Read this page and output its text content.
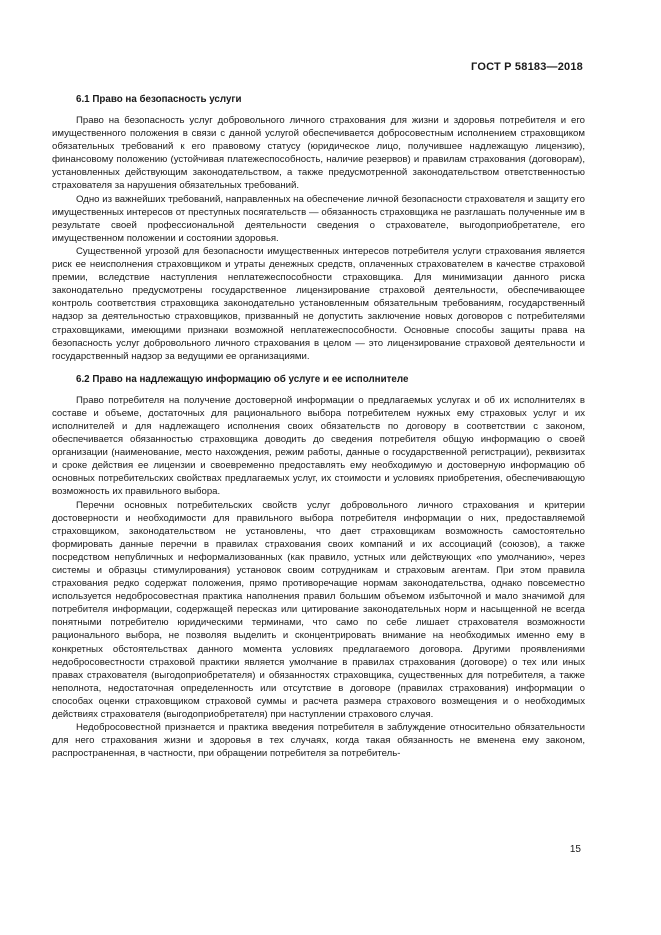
ГОСТ Р 58183—2018
6.1 Право на безопасность услуги

Право на безопасность услуг добровольного личного страхования для жизни и здоровья потребителя и его имущественного положения в связи с данной услугой обеспечивается добросовестным исполнением страховщиком обязательных требований к его правовому статусу (юридическое лицо, получившее надлежащую лицензию), финансовому положению (устойчивая платежеспособность, наличие резервов) и правилам страхования (договорам), установленных действующим законодательством, а также предусмотренной законодательством ответственностью страхователя за нарушения обязательных требований.

Одно из важнейших требований, направленных на обеспечение личной безопасности страхователя и защиту его имущественных интересов от преступных посягательств — обязанность страховщика не разглашать полученные им в результате своей профессиональной деятельности сведения о страхователе, выгодоприобретателе, его имущественном положении и состоянии здоровья.

Существенной угрозой для безопасности имущественных интересов потребителя услуги страхования является риск ее неисполнения страховщиком и утраты денежных средств, оплаченных страхователем в качестве страховой премии, вследствие наступления неплатежеспособности страховщика. Для минимизации данного риска законодательно предусмотрены государственное лицензирование страховой деятельности, обеспечивающее контроль соответствия страховщика законодательно установленным обязательным требованиям, государственный надзор за деятельностью страховщиков, призванный не допустить заключение новых договоров с потребителями страховщиками, имеющими признаки возможной неплатежеспособности. Основные способы защиты права на безопасность услуг добровольного личного страхования в целом — это лицензирование страховой деятельности и государственный надзор за ведущими ее организациями.

6.2 Право на надлежащую информацию об услуге и ее исполнителе

Право потребителя на получение достоверной информации о предлагаемых услугах и об их исполнителях в составе и объеме, достаточных для рационального выбора потребителем нужных ему страховых услуг и их исполнителей и для надлежащего исполнения своих обязательств по договору в соответствии с законом, обеспечивается обязанностью страховщика доводить до сведения потребителя общую информацию о своей организации (наименование, место нахождения, режим работы, данные о государственной регистрации), реквизитах и сроке действия ее лицензии и своевременно предоставлять ему необходимую и достоверную информацию об основных потребительских свойствах предлагаемых услуг, их стоимости и условиях приобретения, обеспечивающую возможность их правильного выбора.

Перечни основных потребительских свойств услуг добровольного личного страхования и критерии достоверности и необходимости для правильного выбора потребителя информации о них, предоставляемой страховщиком, законодательством не установлены, что дает страховщикам возможность самостоятельно формировать данные перечни в правилах страхования своих компаний и их ассоциаций (союзов), а также посредством непубличных и неформализованных (как правило, устных или действующих «по умолчанию», через системы и образцы стимулирования) установок своим сотрудникам и страховым агентам. При этом правила страхования редко содержат положения, прямо противоречащие нормам законодательства, однако повсеместно используется недобросовестная практика наполнения правил большим объемом избыточной и мало значимой для потребителя информации, содержащей пересказ или цитирование законодательных норм и насыщенной не всегда понятными потребителю юридическими терминами, что само по себе лишает страхователя возможности рационального выбора, не позволяя выделить и сконцентрировать внимание на необходимых именно ему в конкретных обстоятельствах данного момента условиях предлагаемого договора. Другими проявлениями недобросовестности страховой практики является умолчание в правилах страхования (договоре) о тех или иных правах страхователя (выгодоприобретателя) и обязанностях страховщика, существенных для потребителя, а также неполнота, недостаточная определенность или отсутствие в договоре (правилах страхования) информации о способах оценки страховщиком страховой суммы и расчета размера страхового возмещения и о необходимых действиях страхователя (выгодоприобретателя) при наступлении страхового случая.

Недобросовестной признается и практика введения потребителя в заблуждение относительно обязательности для него страхования жизни и здоровья в тех случаях, когда такая обязанность не вменена ему законом, распространенная, в частности, при обращении потребителя за потребитель-

15
